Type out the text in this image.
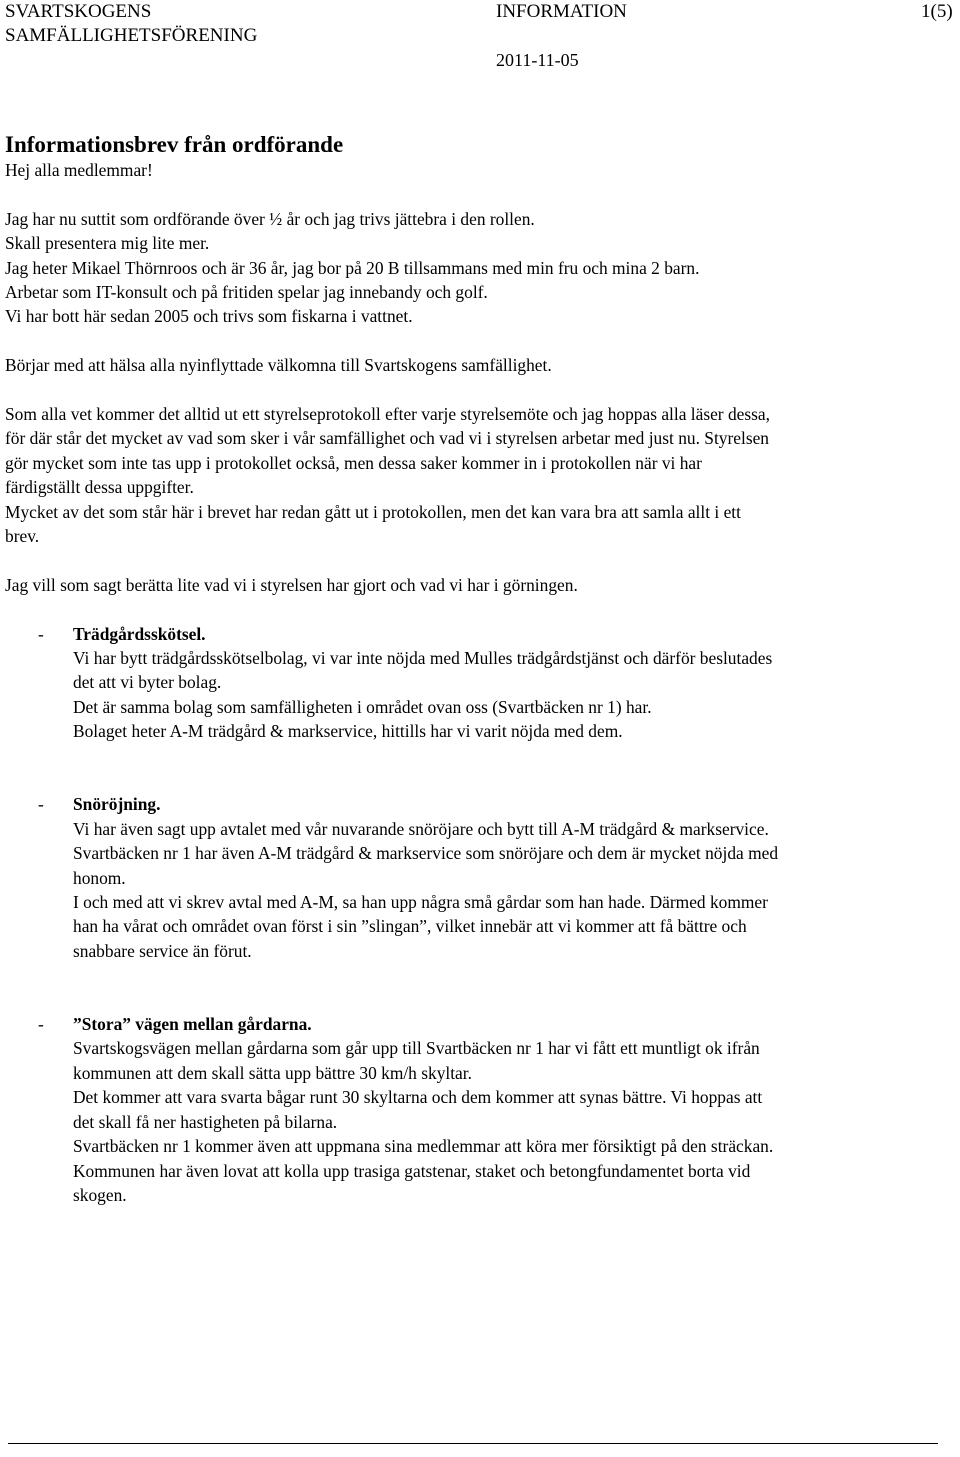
SVARTSKOGENS
SAMFÄLLIGHETSFÖRENING
INFORMATION
2011-11-05
1(5)
Informationsbrev från ordförande

Hej alla medlemmar!

Jag har nu suttit som ordförande över ½ år och jag trivs jättebra i den rollen.

Skall presentera mig lite mer.

Jag heter Mikael Thörnroos och är 36 år, jag bor på 20 B tillsammans med min fru och mina 2 barn.

Arbetar som IT-konsult och på fritiden spelar jag innebandy och golf.

Vi har bott här sedan 2005 och trivs som fiskarna i vattnet.

Börjar med att hälsa alla nyinflyttade välkomna till Svartskogens samfällighet.

Som alla vet kommer det alltid ut ett styrelseprotokoll efter varje styrelsemöte och jag hoppas alla läser dessa,

för där står det mycket av vad som sker i vår samfällighet och vad vi i styrelsen arbetar med just nu. Styrelsen

gör mycket som inte tas upp i protokollet också, men dessa saker kommer in i protokollen när vi har

färdigställt dessa uppgifter.

Mycket av det som står här i brevet har redan gått ut i protokollen, men det kan vara bra att samla allt i ett

brev.

Jag vill som sagt berätta lite vad vi i styrelsen har gjort och vad vi har i görningen.

- Trädgårdsskötsel.

Vi har bytt trädgårdsskötselbolag, vi var inte nöjda med Mulles trädgårdstjänst och därför beslutades

det att vi byter bolag.

Det är samma bolag som samfälligheten i området ovan oss (Svartbäcken nr 1) har.

Bolaget heter A-M trädgård & markservice, hittills har vi varit nöjda med dem.

- Snöröjning.

Vi har även sagt upp avtalet med vår nuvarande snöröjare och bytt till A-M trädgård & markservice.

Svartbäcken nr 1 har även A-M trädgård & markservice som snöröjare och dem är mycket nöjda med

honom.

I och med att vi skrev avtal med A-M, sa han upp några små gårdar som han hade. Därmed kommer

han ha vårat och området ovan först i sin ”slingan”, vilket innebär att vi kommer att få bättre och

snabbare service än förut.

- ”Stora” vägen mellan gårdarna.

Svartskogsvägen mellan gårdarna som går upp till Svartbäcken nr 1 har vi fått ett muntligt ok ifrån

kommunen att dem skall sätta upp bättre 30 km/h skyltar.

Det kommer att vara svarta bågar runt 30 skyltarna och dem kommer att synas bättre. Vi hoppas att

det skall få ner hastigheten på bilarna.

Svartbäcken nr 1 kommer även att uppmana sina medlemmar att köra mer försiktigt på den sträckan.

Kommunen har även lovat att kolla upp trasiga gatstenar, staket och betongfundamentet borta vid

skogen.
